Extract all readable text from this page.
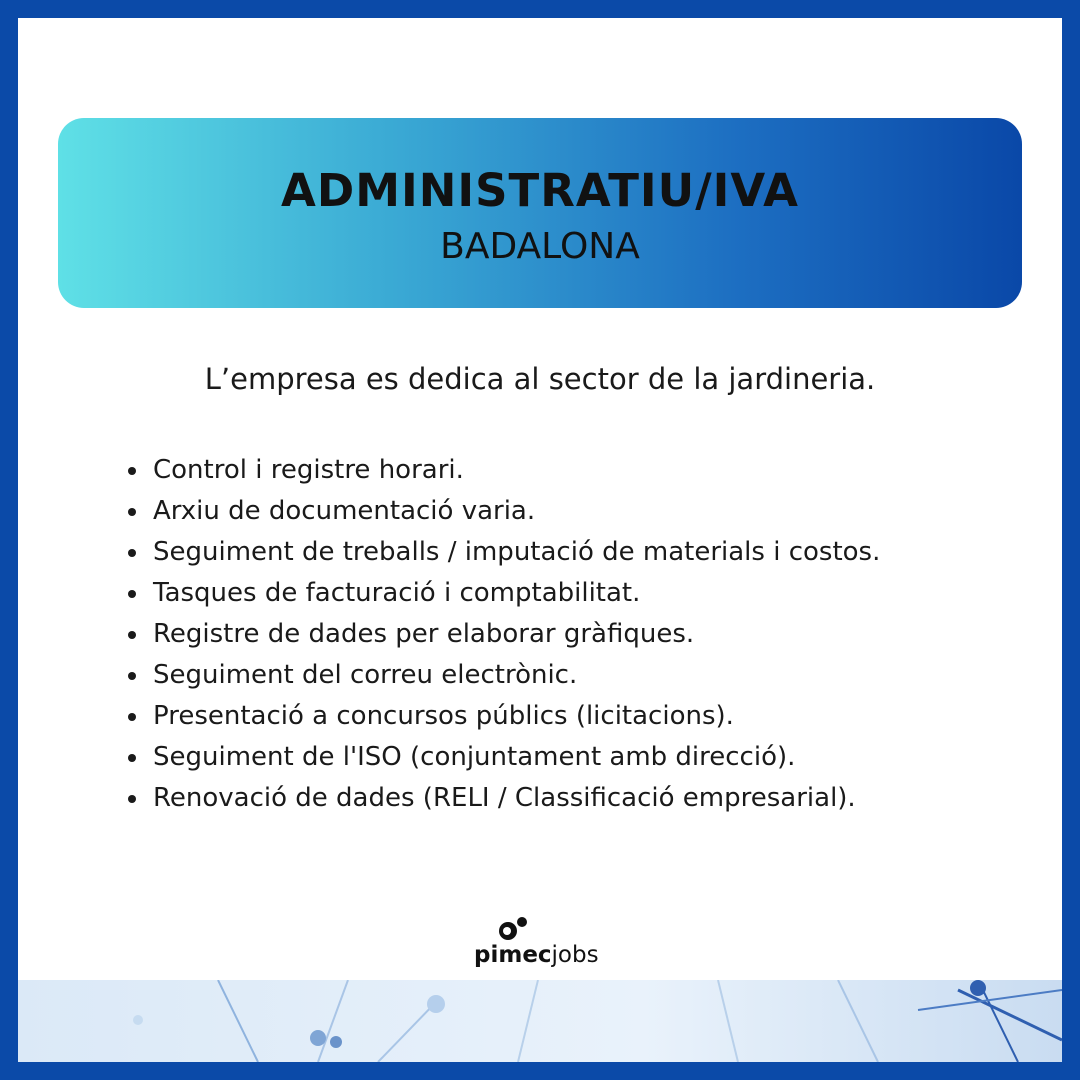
ADMINISTRATIU/IVA
BADALONA
L’empresa es dedica al sector de la jardineria.
Control i registre horari.
Arxiu de documentació varia.
Seguiment de treballs / imputació de materials i costos.
Tasques de facturació i comptabilitat.
Registre de dades per elaborar gràfiques.
Seguiment del correu electrònic.
Presentació a concursos públics (licitacions).
Seguiment de l'ISO (conjuntament amb direcció).
Renovació de dades (RELI / Classificació empresarial).
pimecjobs
